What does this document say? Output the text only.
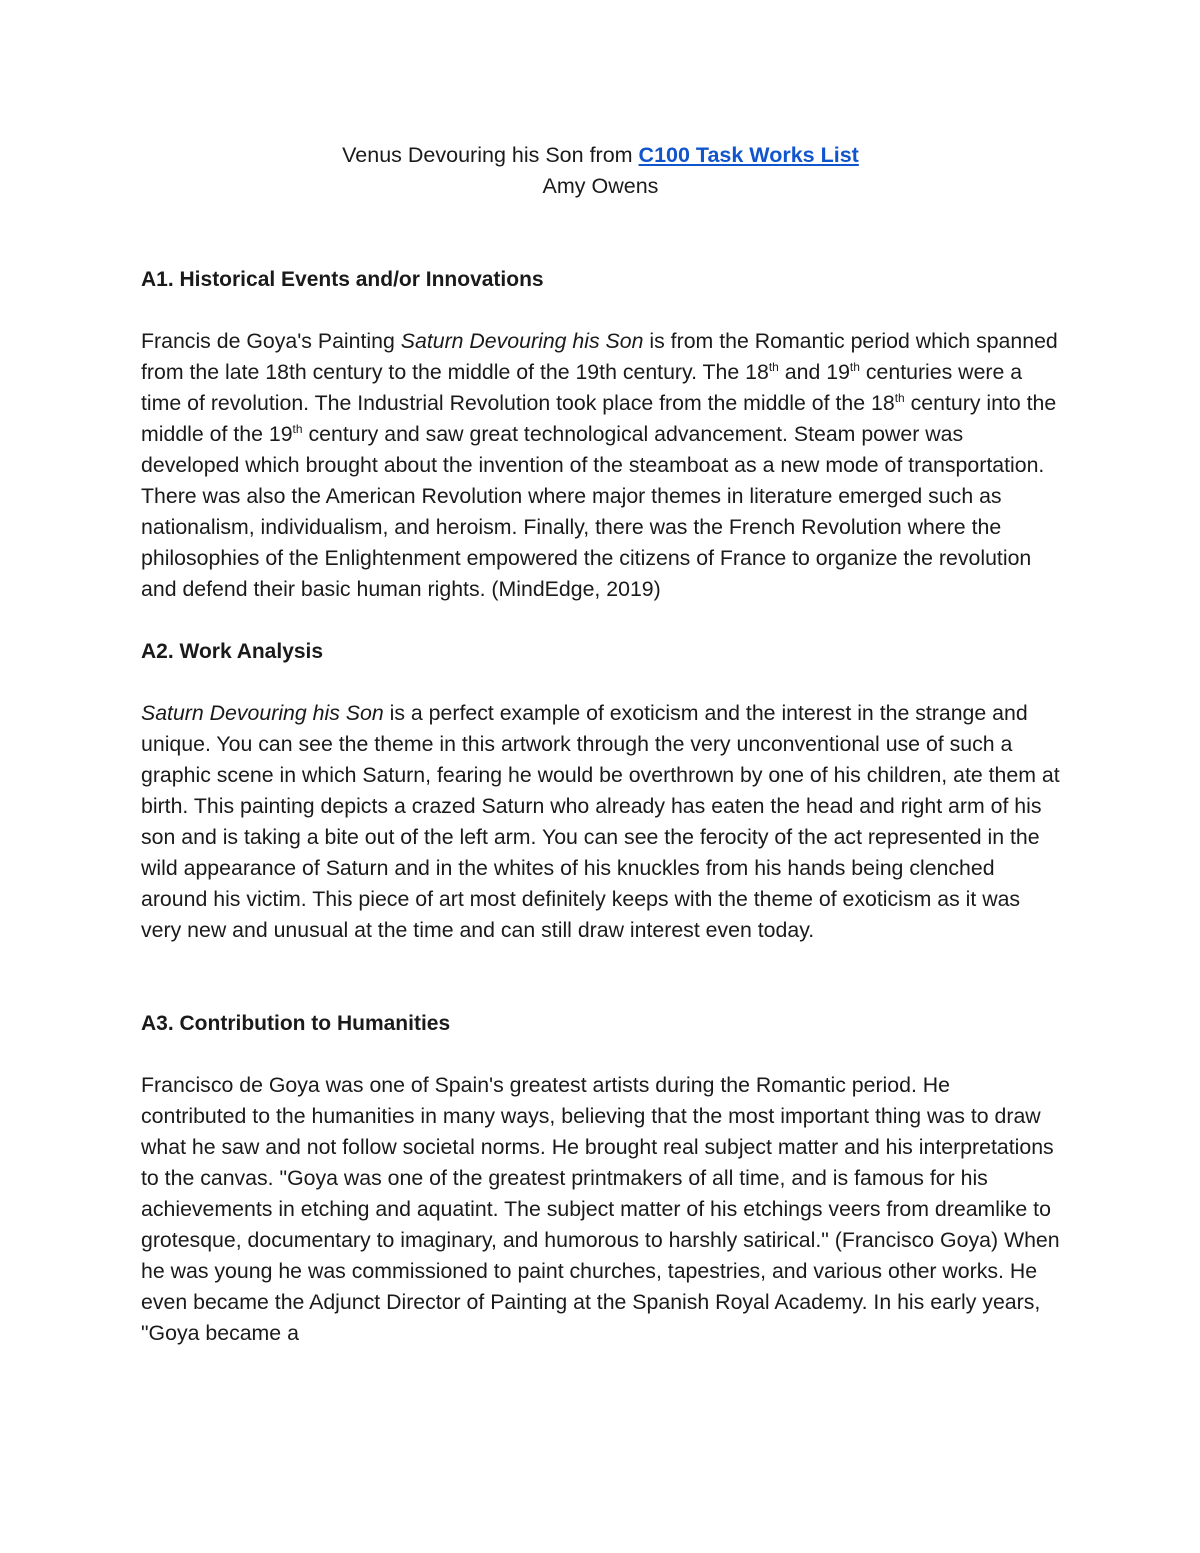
Venus Devouring his Son from C100 Task Works List
Amy Owens
A1. Historical Events and/or Innovations

Francis de Goya's Painting Saturn Devouring his Son is from the Romantic period which spanned from the late 18th century to the middle of the 19th century. The 18th and 19th centuries were a time of revolution. The Industrial Revolution took place from the middle of the 18th century into the middle of the 19th century and saw great technological advancement. Steam power was developed which brought about the invention of the steamboat as a new mode of transportation. There was also the American Revolution where major themes in literature emerged such as nationalism, individualism, and heroism. Finally, there was the French Revolution where the philosophies of the Enlightenment empowered the citizens of France to organize the revolution and defend their basic human rights. (MindEdge, 2019)

A2. Work Analysis

Saturn Devouring his Son is a perfect example of exoticism and the interest in the strange and unique. You can see the theme in this artwork through the very unconventional use of such a graphic scene in which Saturn, fearing he would be overthrown by one of his children, ate them at birth. This painting depicts a crazed Saturn who already has eaten the head and right arm of his son and is taking a bite out of the left arm. You can see the ferocity of the act represented in the wild appearance of Saturn and in the whites of his knuckles from his hands being clenched around his victim. This piece of art most definitely keeps with the theme of exoticism as it was very new and unusual at the time and can still draw interest even today.

A3. Contribution to Humanities

Francisco de Goya was one of Spain's greatest artists during the Romantic period. He contributed to the humanities in many ways, believing that the most important thing was to draw what he saw and not follow societal norms. He brought real subject matter and his interpretations to the canvas. "Goya was one of the greatest printmakers of all time, and is famous for his achievements in etching and aquatint. The subject matter of his etchings veers from dreamlike to grotesque, documentary to imaginary, and humorous to harshly satirical." (Francisco Goya) When he was young he was commissioned to paint churches, tapestries, and various other works. He even became the Adjunct Director of Painting at the Spanish Royal Academy. In his early years, "Goya became a
